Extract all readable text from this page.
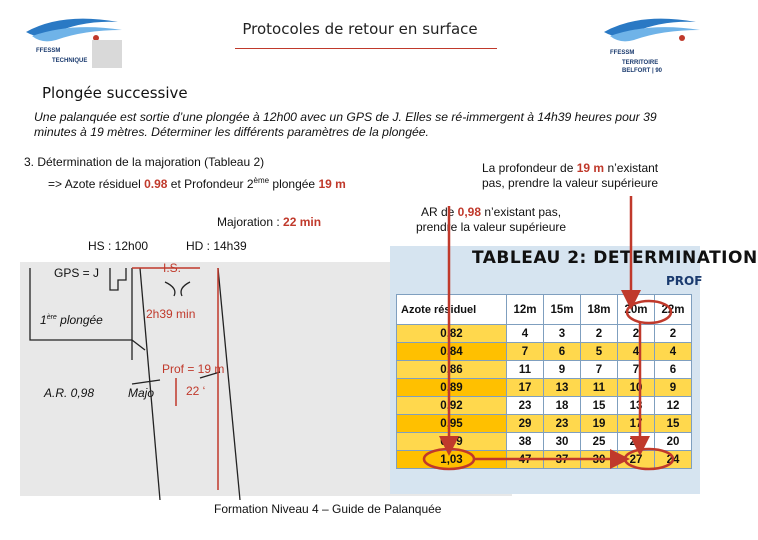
Protocoles de retour en surface
FFESSM
TECHNIQUE
FFESSM
TERRITOIRE
BELFORT | 90
Plongée successive
Une palanquée est sortie d’une plongée à 12h00 avec un GPS de J. Elles se ré-immergent à 14h39 heures pour 39 minutes à 19 mètres. Déterminer les différents paramètres de la plongée.
3. Détermination de la majoration (Tableau 2)
=> Azote résiduel 0.98 et Profondeur 2ème plongée 19 m
La profondeur de 19 m n’existant
pas, prendre la valeur supérieure
AR de 0,98 n’existant pas,
prendre la valeur supérieure
Majoration : 22 min
HS : 12h00	HD : 14h39
GPS = J	I.S.
1ère plongée	2h39 min
Prof = 19 m
A.R. 0,98	Majo	22 ‘
TABLEAU 2: DETERMINATION
PROF
Azote résiduel	12m	15m	18m	20m	22m
0,82	4	3	2	2	2
0,84	7	6	5	4	4
0,86	11	9	7	7	6
0,89	17	13	11	10	9
0,92	23	18	15	13	12
0,95	29	23	19	17	15
0,99	38	30	25	22	20
1,03	47	37	30	27	24
Formation Niveau 4 – Guide de Palanquée
